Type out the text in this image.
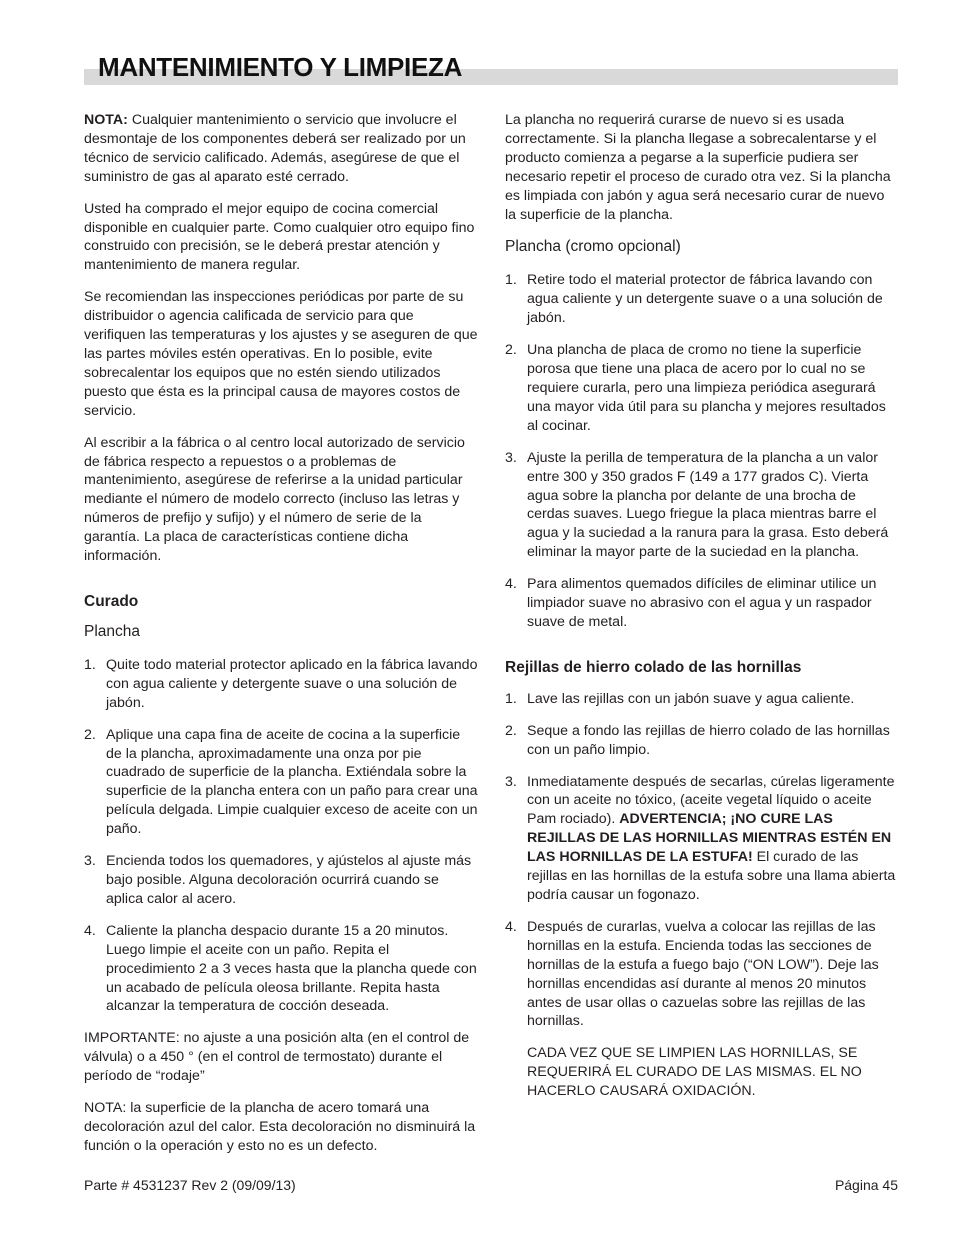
MANTENIMIENTO Y LIMPIEZA

NOTA: Cualquier mantenimiento o servicio que involucre el desmontaje de los componentes deberá ser realizado por un técnico de servicio calificado. Además, asegúrese de que el suministro de gas al aparato esté cerrado.

Usted ha comprado el mejor equipo de cocina comercial disponible en cualquier parte. Como cualquier otro equipo fino construido con precisión, se le deberá prestar atención y mantenimiento de manera regular.

Se recomiendan las inspecciones periódicas por parte de su distribuidor o agencia calificada de servicio para que verifiquen las temperaturas y los ajustes y se aseguren de que las partes móviles estén operativas. En lo posible, evite sobrecalentar los equipos que no estén siendo utilizados puesto que ésta es la principal causa de mayores costos de servicio.

Al escribir a la fábrica o al centro local autorizado de servicio de fábrica respecto a repuestos o a problemas de mantenimiento, asegúrese de referirse a la unidad particular mediante el número de modelo correcto (incluso las letras y números de prefijo y sufijo) y el número de serie de la garantía. La placa de características contiene dicha información.

Curado
Plancha
1. Quite todo material protector aplicado en la fábrica lavando con agua caliente y detergente suave o una solución de jabón.
2. Aplique una capa fina de aceite de cocina a la superficie de la plancha, aproximadamente una onza por pie cuadrado de superficie de la plancha. Extiéndala sobre la superficie de la plancha entera con un paño para crear una película delgada. Limpie cualquier exceso de aceite con un paño.
3. Encienda todos los quemadores, y ajústelos al ajuste más bajo posible. Alguna decoloración ocurrirá cuando se aplica calor al acero.
4. Caliente la plancha despacio durante 15 a 20 minutos. Luego limpie el aceite con un paño. Repita el procedimiento 2 a 3 veces hasta que la plancha quede con un acabado de película oleosa brillante. Repita hasta alcanzar la temperatura de cocción deseada.

IMPORTANTE: no ajuste a una posición alta (en el control de válvula) o a 450 ° (en el control de termostato) durante el período de “rodaje”

NOTA: la superficie de la plancha de acero tomará una decoloración azul del calor. Esta decoloración no disminuirá la función o la operación y esto no es un defecto.

La plancha no requerirá curarse de nuevo si es usada correctamente. Si la plancha llegase a sobrecalentarse y el producto comienza a pegarse a la superficie pudiera ser necesario repetir el proceso de curado otra vez. Si la plancha es limpiada con jabón y agua será necesario curar de nuevo la superficie de la plancha.

Plancha (cromo opcional)
1. Retire todo el material protector de fábrica lavando con agua caliente y un detergente suave o a una solución de jabón.
2. Una plancha de placa de cromo no tiene la superficie porosa que tiene una placa de acero por lo cual no se requiere curarla, pero una limpieza periódica asegurará una mayor vida útil para su plancha y mejores resultados al cocinar.
3. Ajuste la perilla de temperatura de la plancha a un valor entre 300 y 350 grados F (149 a 177 grados C). Vierta agua sobre la plancha por delante de una brocha de cerdas suaves. Luego friegue la placa mientras barre el agua y la suciedad a la ranura para la grasa. Esto deberá eliminar la mayor parte de la suciedad en la plancha.
4. Para alimentos quemados difíciles de eliminar utilice un limpiador suave no abrasivo con el agua y un raspador suave de metal.
Rejillas de hierro colado de las hornillas
1. Lave las rejillas con un jabón suave y agua caliente.
2. Seque a fondo las rejillas de hierro colado de las hornillas con un paño limpio.
3. Inmediatamente después de secarlas, cúrelas ligeramente con un aceite no tóxico, (aceite vegetal líquido o aceite Pam rociado). ADVERTENCIA; ¡NO CURE LAS REJILLAS DE LAS HORNILLAS MIENTRAS ESTÉN EN LAS HORNILLAS DE LA ESTUFA! El curado de las rejillas en las hornillas de la estufa sobre una llama abierta podría causar un fogonazo.
4. Después de curarlas, vuelva a colocar las rejillas de las hornillas en la estufa. Encienda todas las secciones de hornillas de la estufa a fuego bajo (“ON LOW”). Deje las hornillas encendidas así durante al menos 20 minutos antes de usar ollas o cazuelas sobre las rejillas de las hornillas.

CADA VEZ QUE SE LIMPIEN LAS HORNILLAS, SE REQUERIRÁ EL CURADO DE LAS MISMAS. EL NO HACERLO CAUSARÁ OXIDACIÓN.

Parte # 4531237 Rev 2 (09/09/13)	Página 45
